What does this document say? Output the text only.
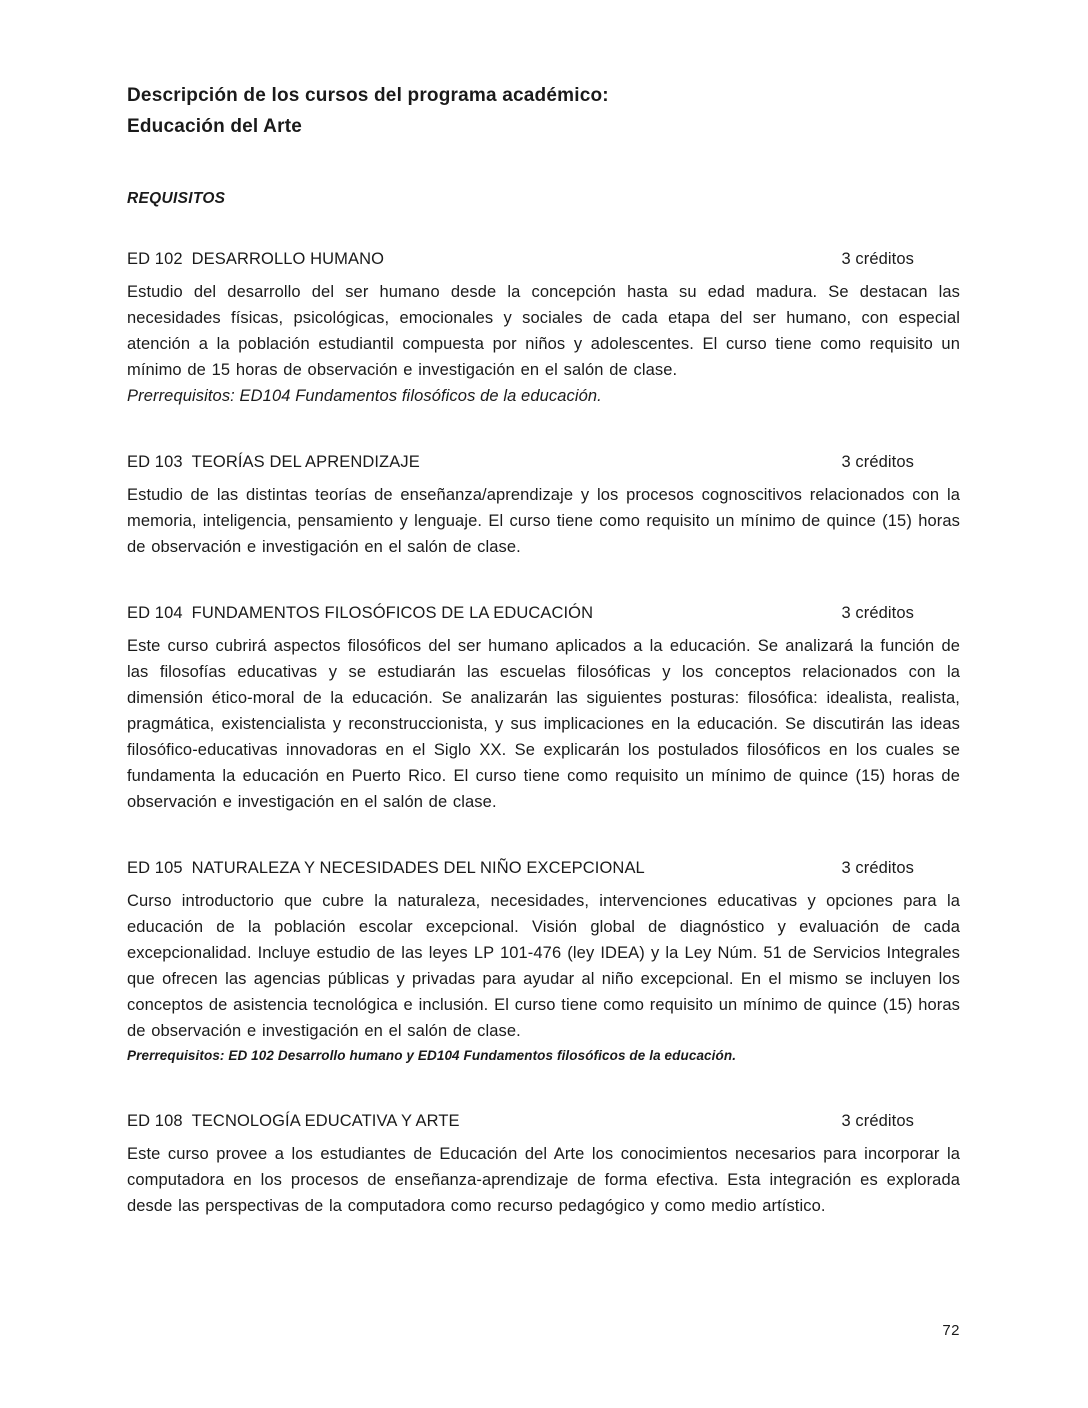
Descripción de los cursos del programa académico:
Educación del Arte
REQUISITOS
ED 102 DESARROLLO HUMANO	3 créditos

Estudio del desarrollo del ser humano desde la concepción hasta su edad madura. Se destacan las necesidades físicas, psicológicas, emocionales y sociales de cada etapa del ser humano, con especial atención a la población estudiantil compuesta por niños y adolescentes. El curso tiene como requisito un mínimo de 15 horas de observación e investigación en el salón de clase.

Prerrequisitos: ED104 Fundamentos filosóficos de la educación.

ED 103 TEORÍAS DEL APRENDIZAJE	3 créditos

Estudio de las distintas teorías de enseñanza/aprendizaje y los procesos cognoscitivos relacionados con la memoria, inteligencia, pensamiento y lenguaje. El curso tiene como requisito un mínimo de quince (15) horas de observación e investigación en el salón de clase.

ED 104 FUNDAMENTOS FILOSÓFICOS DE LA EDUCACIÓN	3 créditos

Este curso cubrirá aspectos filosóficos del ser humano aplicados a la educación. Se analizará la función de las filosofías educativas y se estudiarán las escuelas filosóficas y los conceptos relacionados con la dimensión ético-moral de la educación. Se analizarán las siguientes posturas: filosófica: idealista, realista, pragmática, existencialista y reconstruccionista, y sus implicaciones en la educación. Se discutirán las ideas filosófico-educativas innovadoras en el Siglo XX. Se explicarán los postulados filosóficos en los cuales se fundamenta la educación en Puerto Rico. El curso tiene como requisito un mínimo de quince (15) horas de observación e investigación en el salón de clase.

ED 105 NATURALEZA Y NECESIDADES DEL NIÑO EXCEPCIONAL	3 créditos

Curso introductorio que cubre la naturaleza, necesidades, intervenciones educativas y opciones para la educación de la población escolar excepcional. Visión global de diagnóstico y evaluación de cada excepcionalidad. Incluye estudio de las leyes LP 101-476 (ley IDEA) y la Ley Núm. 51 de Servicios Integrales que ofrecen las agencias públicas y privadas para ayudar al niño excepcional. En el mismo se incluyen los conceptos de asistencia tecnológica e inclusión. El curso tiene como requisito un mínimo de quince (15) horas de observación e investigación en el salón de clase.

Prerrequisitos: ED 102 Desarrollo humano y ED104 Fundamentos filosóficos de la educación.

ED 108 TECNOLOGÍA EDUCATIVA Y ARTE	3 créditos

Este curso provee a los estudiantes de Educación del Arte los conocimientos necesarios para incorporar la computadora en los procesos de enseñanza-aprendizaje de forma efectiva. Esta integración es explorada desde las perspectivas de la computadora como recurso pedagógico y como medio artístico.

72
